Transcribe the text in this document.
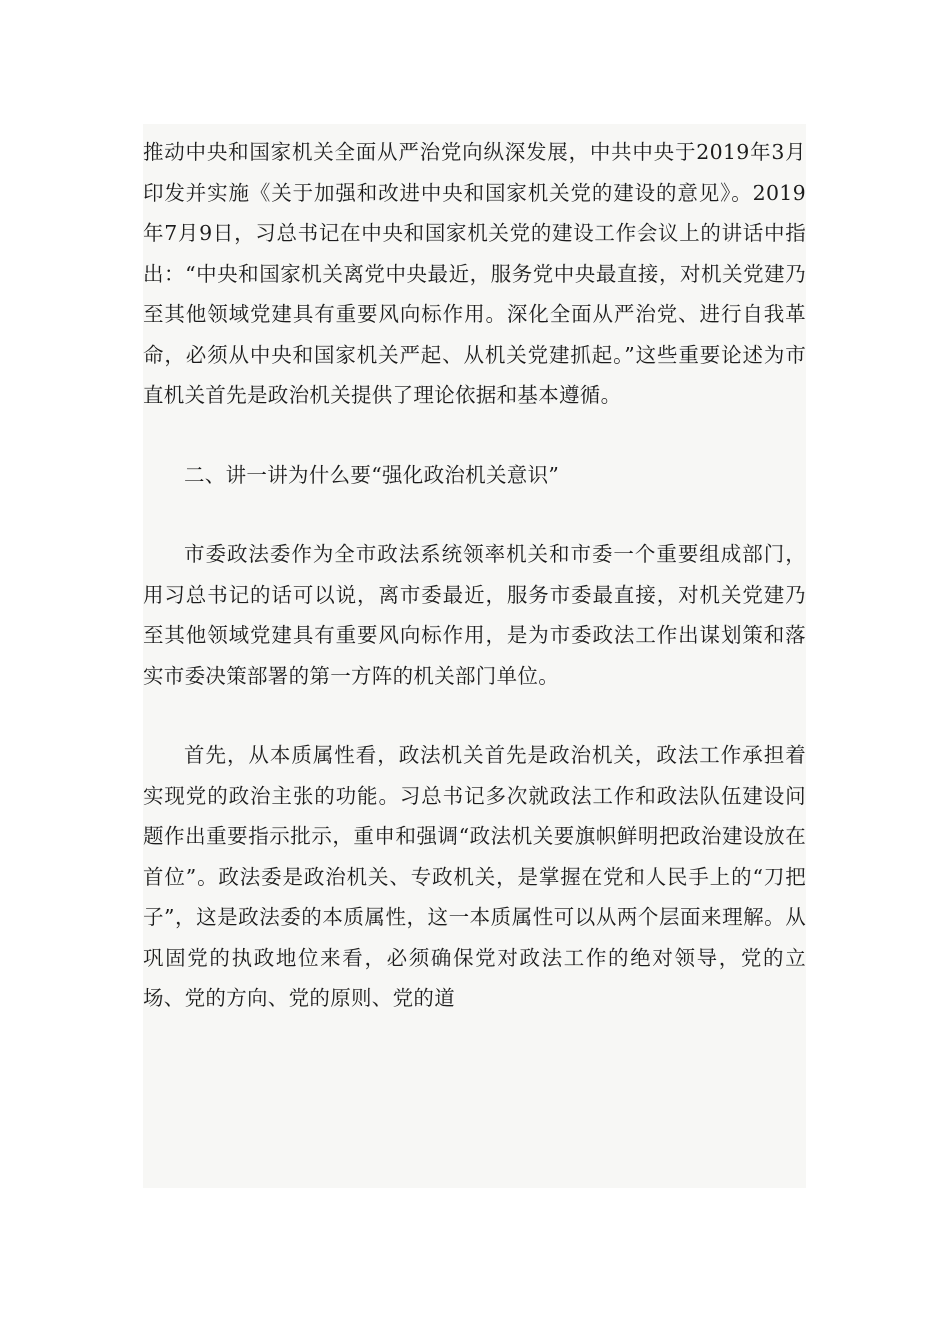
推动中央和国家机关全面从严治党向纵深发展，中共中央于2019年3月印发并实施《关于加强和改进中央和国家机关党的建设的意见》。2019年7月9日，习总书记在中央和国家机关党的建设工作会议上的讲话中指出：“中央和国家机关离党中央最近，服务党中央最直接，对机关党建乃至其他领域党建具有重要风向标作用。深化全面从严治党、进行自我革命，必须从中央和国家机关严起、从机关党建抓起。”这些重要论述为市直机关首先是政治机关提供了理论依据和基本遵循。

二、讲一讲为什么要“强化政治机关意识”

市委政法委作为全市政法系统领率机关和市委一个重要组成部门，用习总书记的话可以说，离市委最近，服务市委最直接，对机关党建乃至其他领域党建具有重要风向标作用，是为市委政法工作出谋划策和落实市委决策部署的第一方阵的机关部门单位。

首先，从本质属性看，政法机关首先是政治机关，政法工作承担着实现党的政治主张的功能。习总书记多次就政法工作和政法队伍建设问题作出重要指示批示，重申和强调“政法机关要旗帜鲜明把政治建设放在首位”。政法委是政治机关、专政机关，是掌握在党和人民手上的“刀把子”，这是政法委的本质属性，这一本质属性可以从两个层面来理解。从巩固党的执政地位来看，必须确保党对政法工作的绝对领导，党的立场、党的方向、党的原则、党的道
